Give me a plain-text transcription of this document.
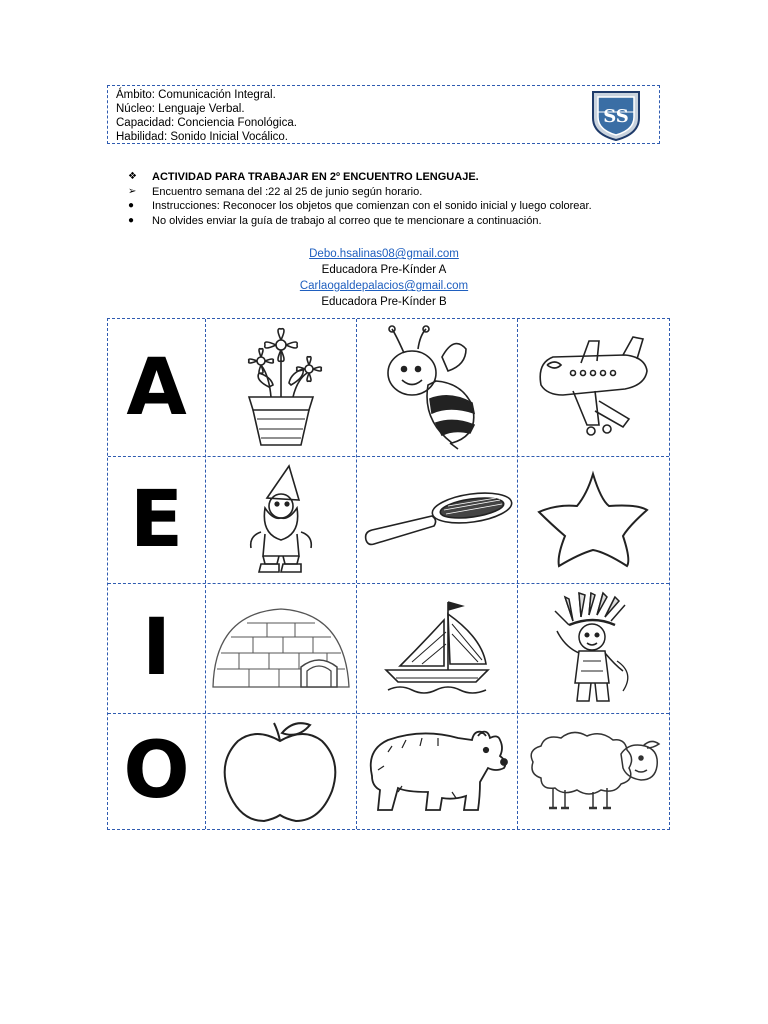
Ámbito: Comunicación Integral.
Núcleo: Lenguaje Verbal.
Capacidad: Conciencia Fonológica.
Habilidad: Sonido Inicial Vocálico.
SS
❖	ACTIVIDAD PARA TRABAJAR EN 2º ENCUENTRO LENGUAJE.
➢	Encuentro semana del :22 al 25 de junio según horario.
●	Instrucciones: Reconocer los objetos que comienzan con el sonido inicial y luego colorear.
●	No olvides enviar la guía de trabajo al correo que te mencionare a continuación.
Debo.hsalinas08@gmail.com
Educadora Pre-Kínder A
Carlaogaldepalacios@gmail.com
Educadora Pre-Kínder B
A
E
I
O
